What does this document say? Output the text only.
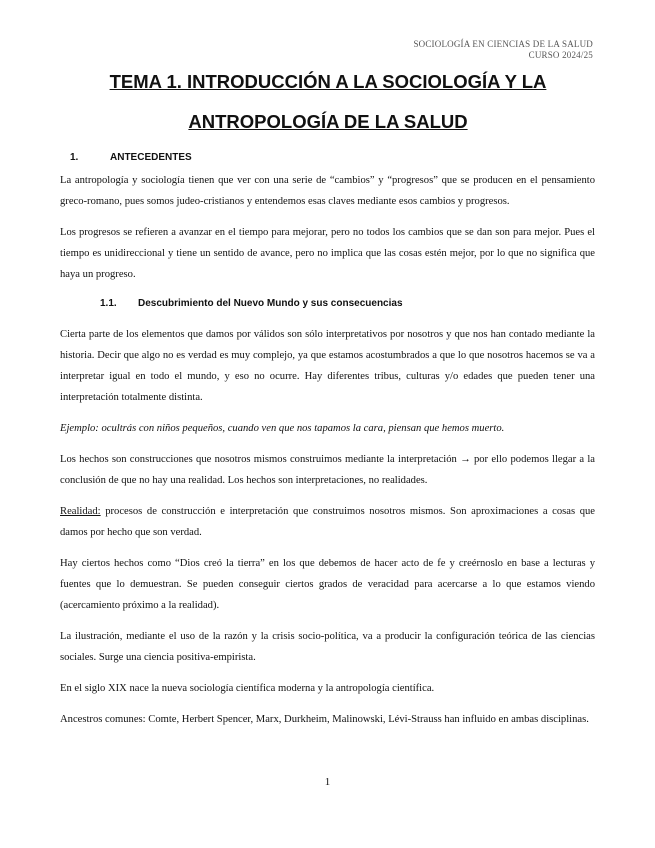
SOCIOLOGÍA EN CIENCIAS DE LA SALUD
CURSO 2024/25
TEMA 1. INTRODUCCIÓN A LA SOCIOLOGÍA Y LA
ANTROPOLOGÍA DE LA SALUD
1.	ANTECEDENTES

La antropología y sociología tienen que ver con una serie de “cambios” y “progresos” que se producen en el pensamiento greco-romano, pues somos judeo-cristianos y entendemos esas claves mediante esos cambios y progresos.

Los progresos se refieren a avanzar en el tiempo para mejorar, pero no todos los cambios que se dan son para mejor. Pues el tiempo es unidireccional y tiene un sentido de avance, pero no implica que las cosas estén mejor, por lo que no significa que haya un progreso.

1.1.	Descubrimiento del Nuevo Mundo y sus consecuencias

Cierta parte de los elementos que damos por válidos son sólo interpretativos por nosotros y que nos han contado mediante la historia. Decir que algo no es verdad es muy complejo, ya que estamos acostumbrados a que lo que nosotros hacemos se va a interpretar igual en todo el mundo, y eso no ocurre. Hay diferentes tribus, culturas y/o edades que pueden tener una interpretación totalmente distinta.

Ejemplo: ocultrás con niños pequeños, cuando ven que nos tapamos la cara, piensan que hemos muerto.

Los hechos son construcciones que nosotros mismos construimos mediante la interpretación → por ello podemos llegar a la conclusión de que no hay una realidad. Los hechos son interpretaciones, no realidades.

Realidad: procesos de construcción e interpretación que construimos nosotros mismos. Son aproximaciones a cosas que damos por hecho que son verdad.

Hay ciertos hechos como “Dios creó la tierra” en los que debemos de hacer acto de fe y creérnoslo en base a lecturas y fuentes que lo demuestran. Se pueden conseguir ciertos grados de veracidad para acercarse a lo que estamos viendo (acercamiento próximo a la realidad).

La ilustración, mediante el uso de la razón y la crisis socio-política, va a producir la configuración teórica de las ciencias sociales. Surge una ciencia positiva-empirista.

En el siglo XIX nace la nueva sociología científica moderna y la antropología científica.

Ancestros comunes: Comte, Herbert Spencer, Marx, Durkheim, Malinowski, Lévi-Strauss han influido en ambas disciplinas.

1
